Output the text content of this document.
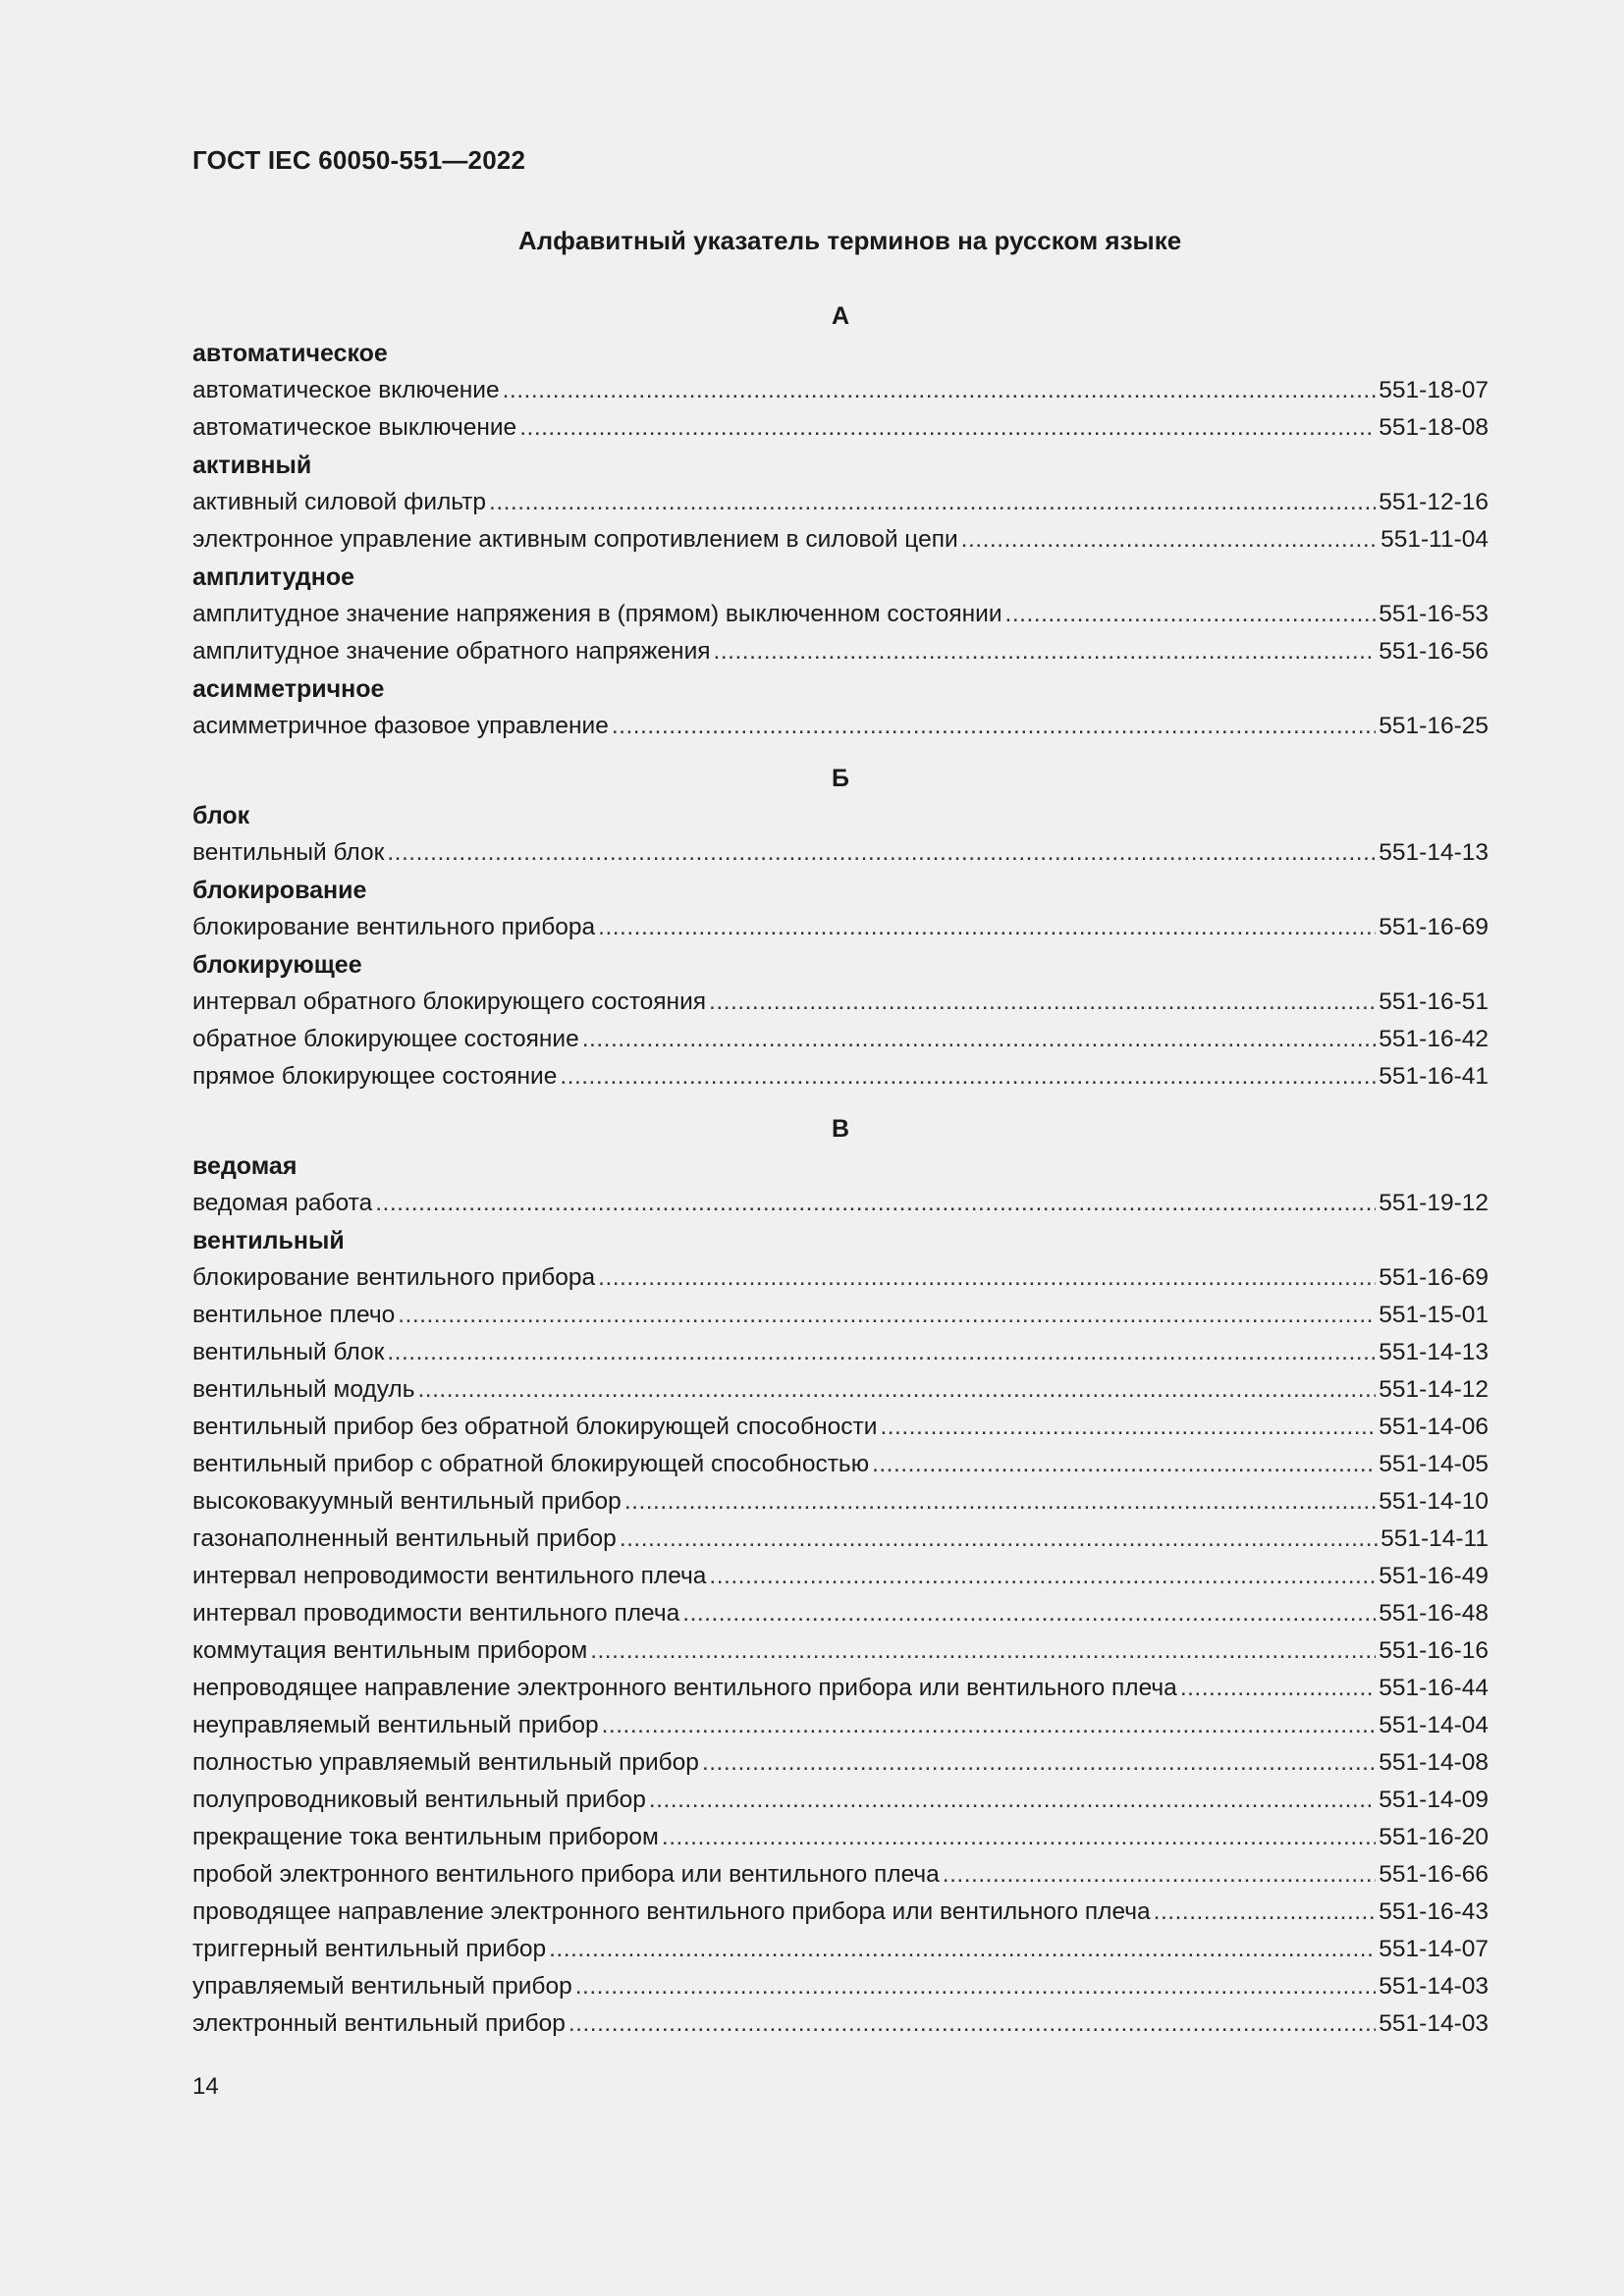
ГОСТ IEC 60050-551—2022
Алфавитный указатель терминов на русском языке
А
автоматическое
автоматическое включение .....	551-18-07
автоматическое выключение .....	551-18-08
активный
активный силовой фильтр .....	551-12-16
электронное управление активным сопротивлением в силовой цепи .....	551-11-04
амплитудное
амплитудное значение напряжения в (прямом) выключенном состоянии .....	551-16-53
амплитудное значение обратного напряжения .....	551-16-56
асимметричное
асимметричное фазовое управление .....	551-16-25
Б
блок
вентильный блок .....	551-14-13
блокирование
блокирование вентильного прибора .....	551-16-69
блокирующее
интервал обратного блокирующего состояния .....	551-16-51
обратное блокирующее состояние .....	551-16-42
прямое блокирующее состояние .....	551-16-41
В
ведомая
ведомая работа .....	551-19-12
вентильный
блокирование вентильного прибора .....	551-16-69
вентильное плечо .....	551-15-01
вентильный блок .....	551-14-13
вентильный модуль .....	551-14-12
вентильный прибор без обратной блокирующей способности .....	551-14-06
вентильный прибор с обратной блокирующей способностью .....	551-14-05
высоковакуумный вентильный прибор .....	551-14-10
газонаполненный вентильный прибор .....	551-14-11
интервал непроводимости вентильного плеча .....	551-16-49
интервал проводимости вентильного плеча .....	551-16-48
коммутация вентильным прибором .....	551-16-16
непроводящее направление электронного вентильного прибора или вентильного плеча .....	551-16-44
неуправляемый вентильный прибор .....	551-14-04
полностью управляемый вентильный прибор .....	551-14-08
полупроводниковый вентильный прибор .....	551-14-09
прекращение тока вентильным прибором .....	551-16-20
пробой электронного вентильного прибора или вентильного плеча .....	551-16-66
проводящее направление электронного вентильного прибора или вентильного плеча .....	551-16-43
триггерный вентильный прибор .....	551-14-07
управляемый вентильный прибор .....	551-14-03
электронный вентильный прибор .....	551-14-03
14
